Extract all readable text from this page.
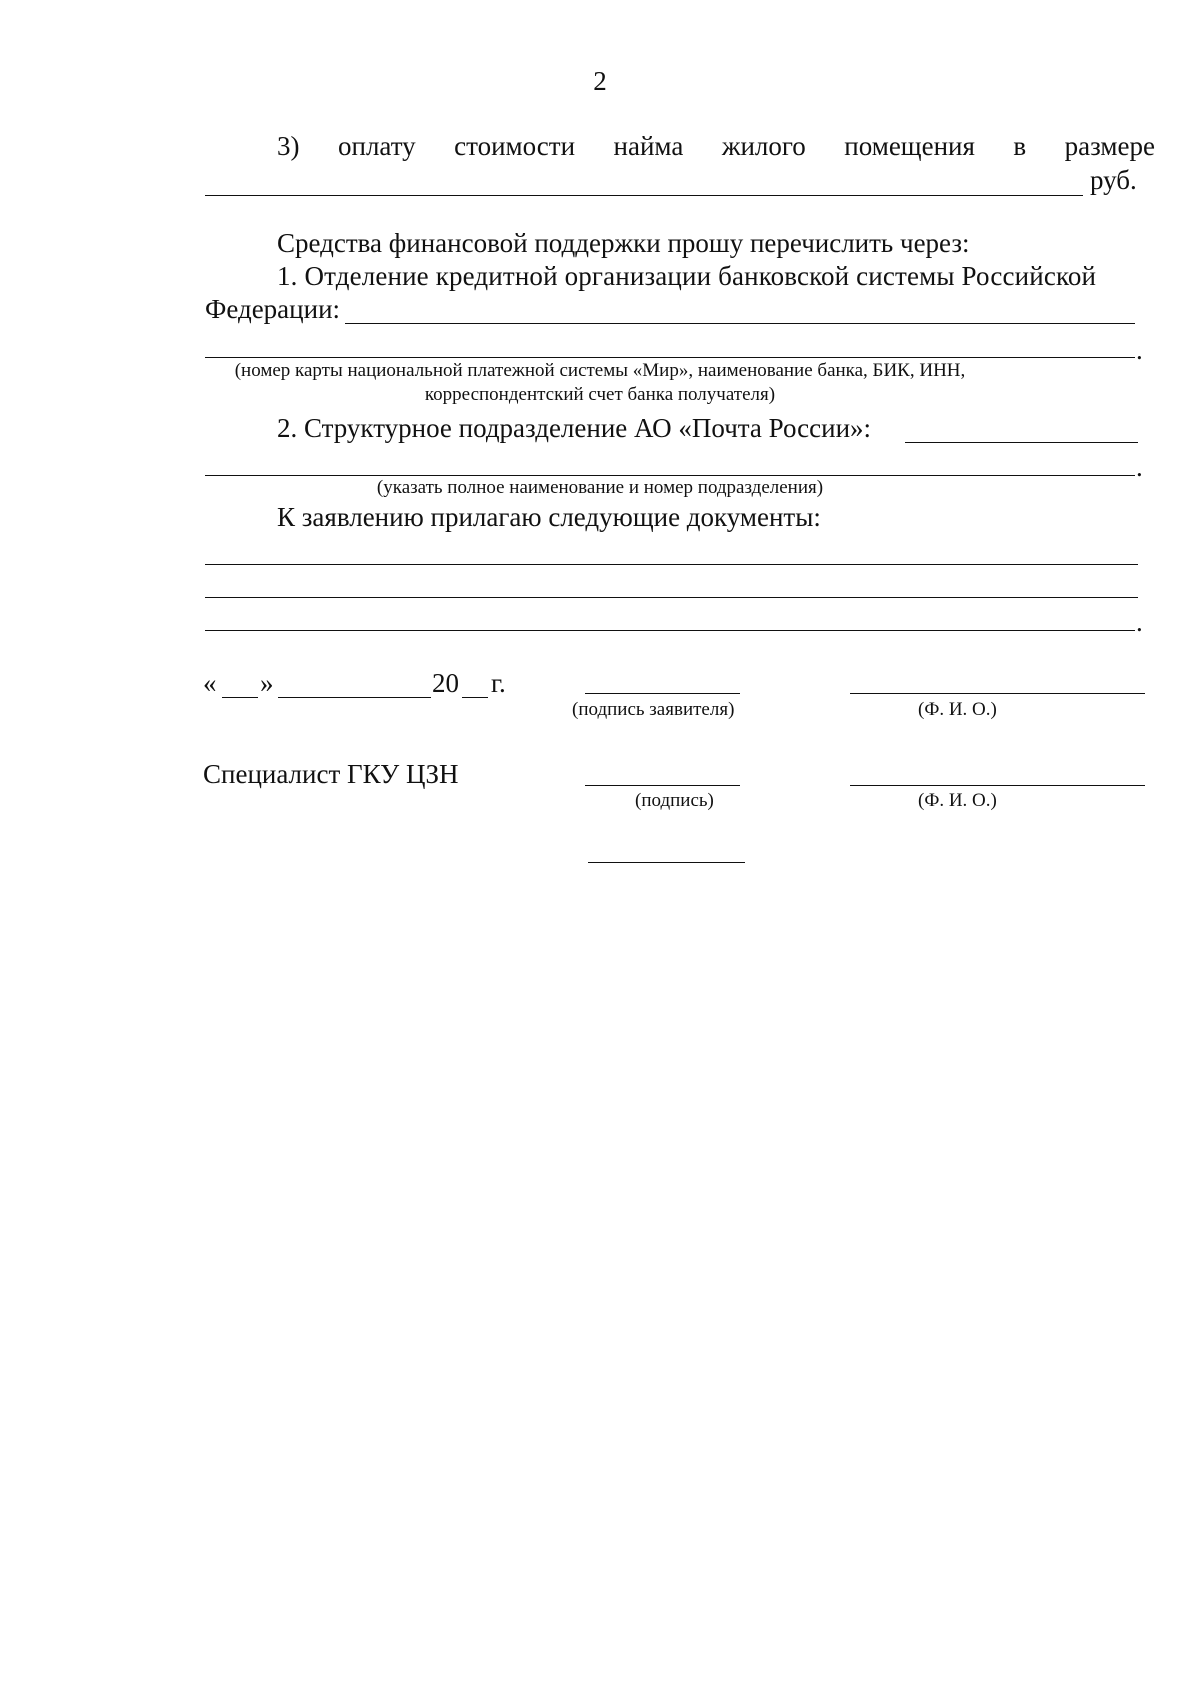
2
3) оплату стоимости найма жилого помещения в размере
руб.
Средства финансовой поддержки прошу перечислить через:
1. Отделение кредитной организации банковской системы Российской
Федерации:
.
(номер карты национальной платежной системы «Мир», наименование банка, БИК, ИНН,
корреспондентский счет банка получателя)
2. Структурное подразделение АО «Почта России»:
.
(указать полное наименование и номер подразделения)
К заявлению прилагаю следующие документы:
.
« »	20 г.
(подпись заявителя)	(Ф. И. О.)
Специалист ГКУ ЦЗН
(подпись)	(Ф. И. О.)
